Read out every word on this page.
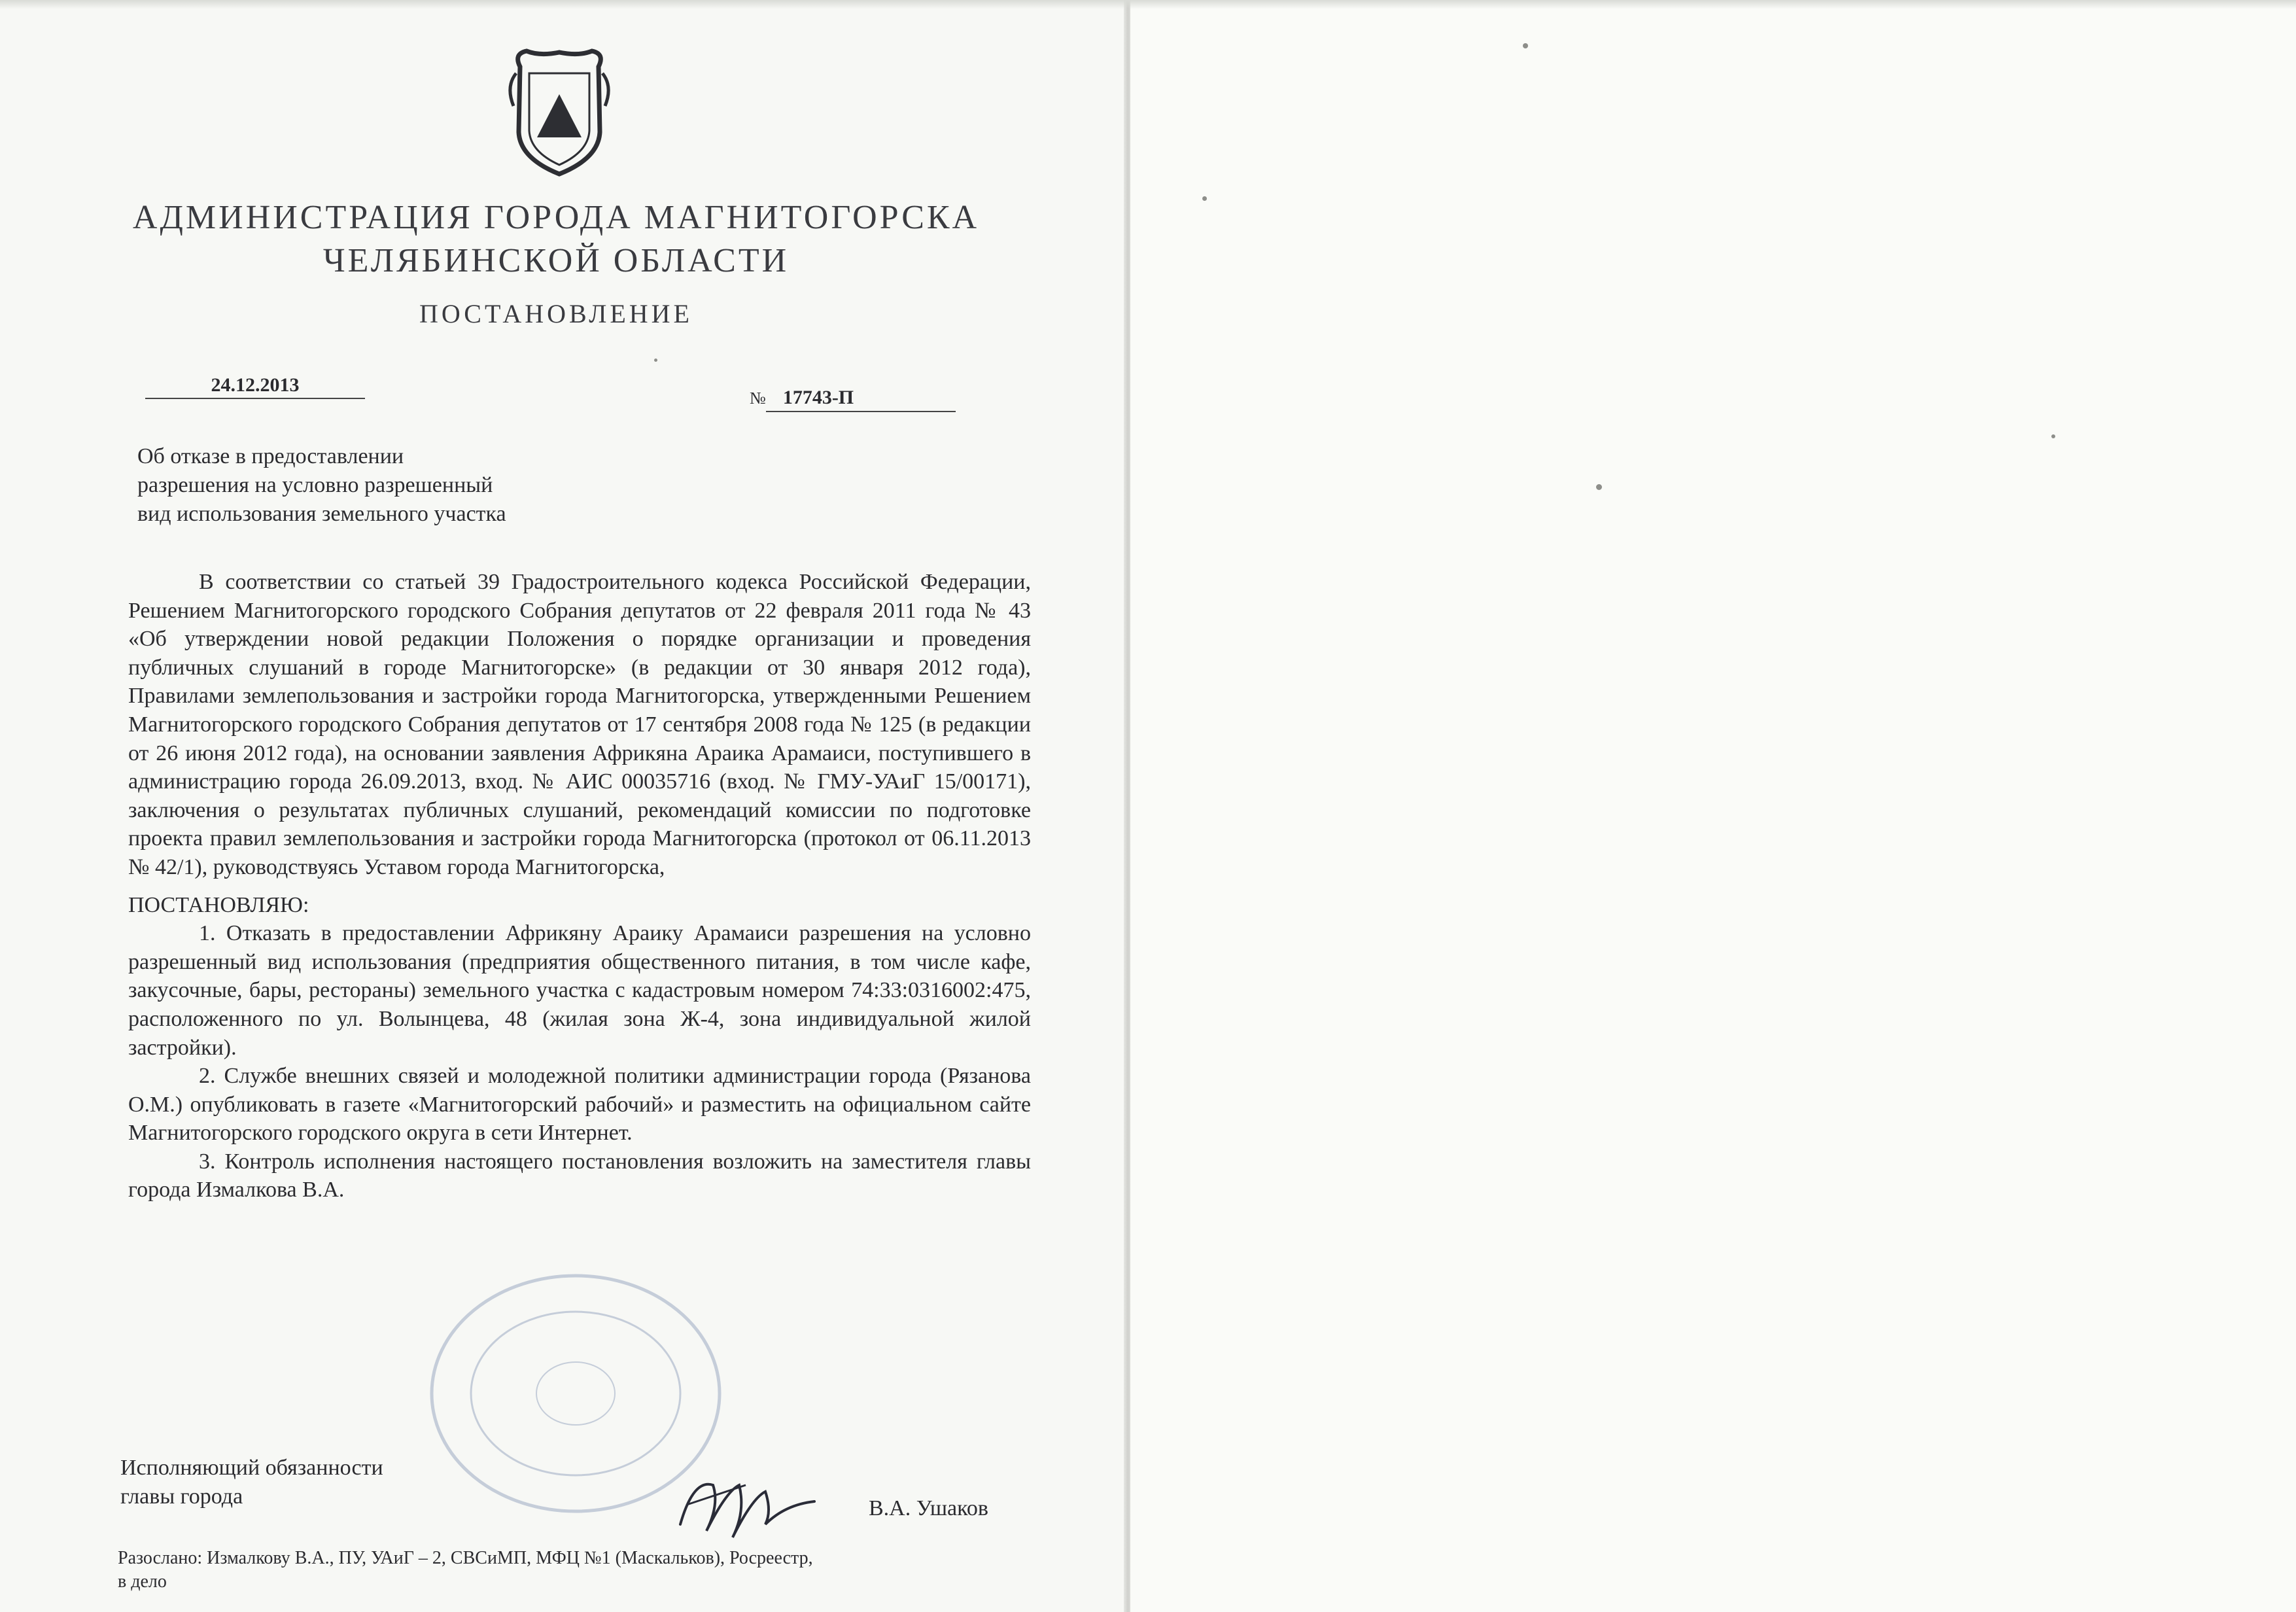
АДМИНИСТРАЦИЯ ГОРОДА МАГНИТОГОРСКА
ЧЕЛЯБИНСКОЙ ОБЛАСТИ
ПОСТАНОВЛЕНИЕ
24.12.2013
№ 17743-П
Об отказе в предоставлении
разрешения на условно разрешенный
вид использования земельного участка

В соответствии со статьей 39 Градостроительного кодекса Российской Федерации, Решением Магнитогорского городского Собрания депутатов от 22 февраля 2011 года № 43 «Об утверждении новой редакции Положения о порядке организации и проведения публичных слушаний в городе Магнитогорске» (в редакции от 30 января 2012 года), Правилами землепользования и застройки города Магнитогорска, утвержденными Решением Магнитогорского городского Собрания депутатов от 17 сентября 2008 года № 125 (в редакции от 26 июня 2012 года), на основании заявления Африкяна Араика Арамаиси, поступившего в администрацию города 26.09.2013, вход. № АИС 00035716 (вход. № ГМУ-УАиГ 15/00171), заключения о результатах публичных слушаний, рекомендаций комиссии по подготовке проекта правил землепользования и застройки города Магнитогорска (протокол от 06.11.2013 № 42/1), руководствуясь Уставом города Магнитогорска,

ПОСТАНОВЛЯЮ:

1. Отказать в предоставлении Африкяну Араику Арамаиси разрешения на условно разрешенный вид использования (предприятия общественного питания, в том числе кафе, закусочные, бары, рестораны) земельного участка с кадастровым номером 74:33:0316002:475, расположенного по ул. Волынцева, 48 (жилая зона Ж-4, зона индивидуальной жилой застройки).

2. Службе внешних связей и молодежной политики администрации города (Рязанова О.М.) опубликовать в газете «Магнитогорский рабочий» и разместить на официальном сайте Магнитогорского городского округа в сети Интернет.

3. Контроль исполнения настоящего постановления возложить на заместителя главы города Измалкова В.А.

Исполняющий обязанности
главы города	В.А. Ушаков

Разослано: Измалкову В.А., ПУ, УАиГ – 2, СВСиМП, МФЦ №1 (Маскальков), Росреестр,

в дело
